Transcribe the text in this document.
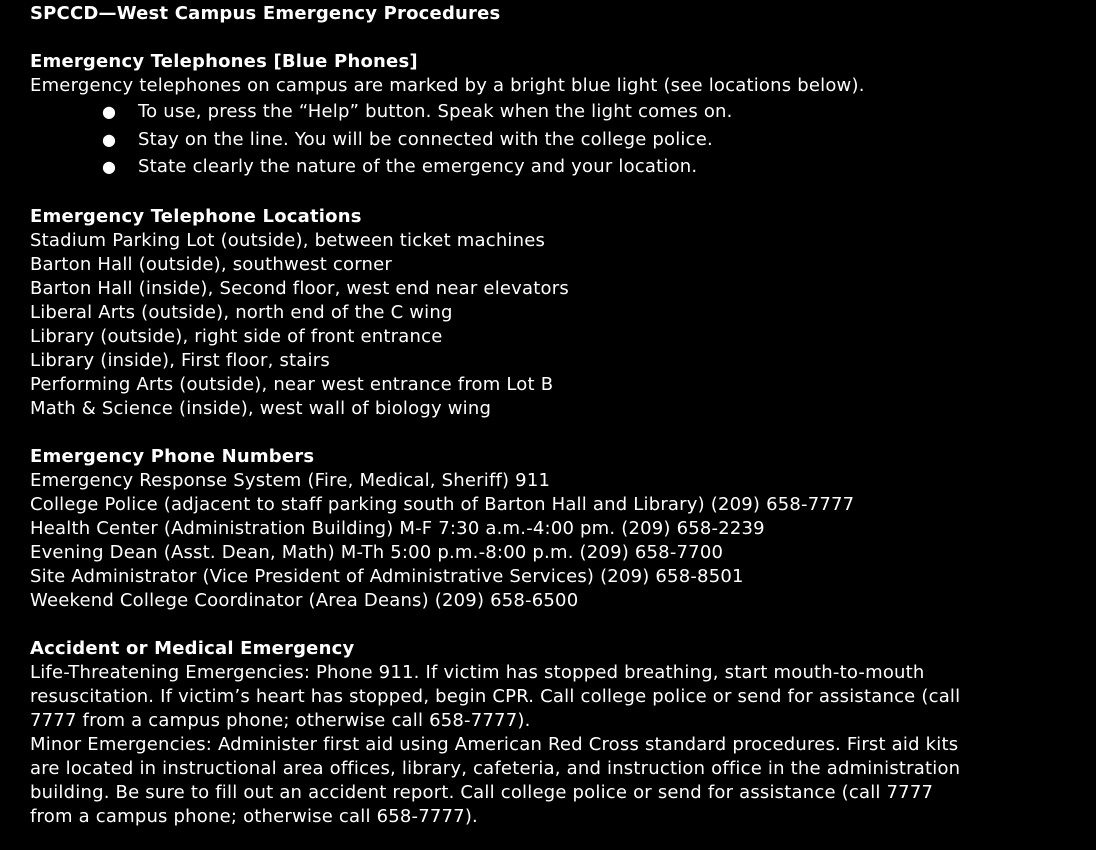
SPCCD—West Campus Emergency Procedures
Emergency Telephones [Blue Phones]
Emergency telephones on campus are marked by a bright blue light (see locations below).
● To use, press the “Help” button. Speak when the light comes on.
● Stay on the line. You will be connected with the college police.
● State clearly the nature of the emergency and your location.
Emergency Telephone Locations
Stadium Parking Lot (outside), between ticket machines
Barton Hall (outside), southwest corner
Barton Hall (inside), Second floor, west end near elevators
Liberal Arts (outside), north end of the C wing
Library (outside), right side of front entrance
Library (inside), First floor, stairs
Performing Arts (outside), near west entrance from Lot B
Math & Science (inside), west wall of biology wing
Emergency Phone Numbers
Emergency Response System (Fire, Medical, Sheriff) 911
College Police (adjacent to staff parking south of Barton Hall and Library) (209) 658-7777
Health Center (Administration Building) M-F 7:30 a.m.-4:00 pm. (209) 658-2239
Evening Dean (Asst. Dean, Math) M-Th 5:00 p.m.-8:00 p.m. (209) 658-7700
Site Administrator (Vice President of Administrative Services) (209) 658-8501
Weekend College Coordinator (Area Deans) (209) 658-6500
Accident or Medical Emergency

Life-Threatening Emergencies: Phone 911. If victim has stopped breathing, start mouth-to-mouth resuscitation. If victim’s heart has stopped, begin CPR. Call college police or send for assistance (call 7777 from a campus phone; otherwise call 658-7777).

Minor Emergencies: Administer first aid using American Red Cross standard procedures. First aid kits are located in instructional area offices, library, cafeteria, and instruction office in the administration building. Be sure to fill out an accident report. Call college police or send for assistance (call 7777 from a campus phone; otherwise call 658-7777).
